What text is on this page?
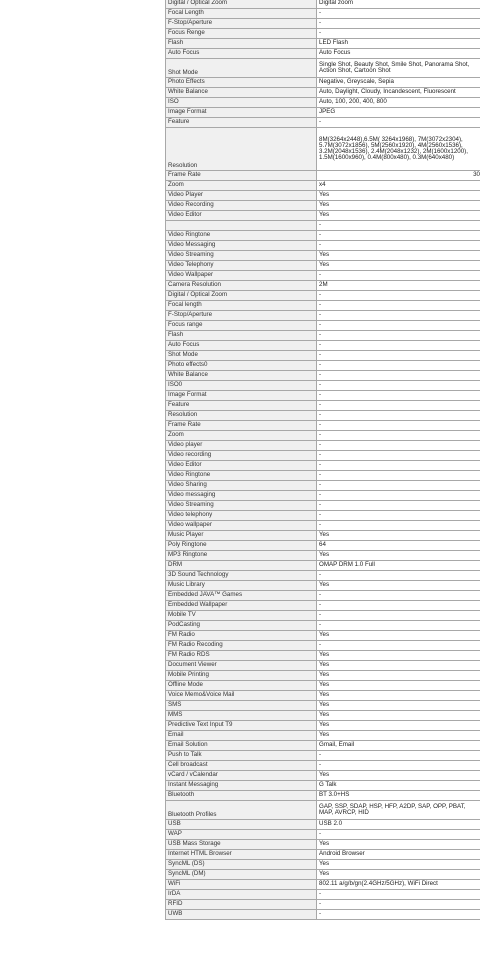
Digital / Optical Zoom	Digital zoom
Focal Length	-
F-Stop/Aperture	-
Focus Renge	-
Flash	LED Flash
Auto Focus	Auto Focus
Shot Mode	Single Shot, Beauty Shot, Smile Shot, Panorama Shot, Action Shot, Cartoon Shot
Photo Effects	Negative, Greyscale, Sepia
White Balance	Auto, Daylight, Cloudy, Incandescent, Fluorescent
ISO	Auto, 100, 200, 400, 800
Image Format	JPEG
Feature	-
Resolution	8M(3264x2448),6.5M( 3264x1968), 7M(3072x2304), 5.7M(3072x1856), 5M(2560x1920), 4M(2560x1536), 3.2M(2048x1536), 2.4M(2048x1232), 2M(1600x1200), 1.5M(1600x960), 0.4M(800x480), 0.3M(640x480)
Frame Rate	30
Zoom	x4
Video Player	Yes
Video Recording	Yes
Video Editor	Yes
	-
Video Ringtone	-
Video Messaging	-
Video Streaming	Yes
Video Telephony	Yes
Video Wallpaper	-
Camera Resolution	2M
Digital / Optical Zoom	-
Focal length	-
F-Stop/Aperture	-
Focus range	-
Flash	-
Auto Focus	-
Shot Mode	-
Photo effects0	-
White Balance	-
ISO0	-
Image Format	-
Feature	-
Resolution	-
Frame Rate	-
Zoom	-
Video player	-
Video recording	-
Video Editor	-
Video Ringtone	-
Video Sharing	-
Video messaging	-
Video Streaming	-
Video telephony	-
Video wallpaper	-
Music Player	Yes
Poly Ringtone	64
MP3 Ringtone	Yes
DRM	OMAP DRM 1.0 Full
3D Sound Technology	-
Music Library	Yes
Embedded JAVA™ Games	-
Embedded Wallpaper	-
Mobile TV	-
PodCasting	-
FM Radio	Yes
FM Radio Recoding	-
FM Radio RDS	Yes
Document Viewer	Yes
Mobile Printing	Yes
Offline Mode	Yes
Voice Memo&Voice Mail	Yes
SMS	Yes
MMS	Yes
Predictive Text Input T9	Yes
Email	Yes
Email Solution	Gmail, Email
Push to Talk	-
Cell broadcast	-
vCard / vCalendar	Yes
Instant Messaging	G Talk
Bluetooth	BT 3.0+HS
Bluetooth Profiles	GAP, SSP, SDAP, HSP, HFP, A2DP, SAP, OPP, PBAT, MAP, AVRCP, HID
USB	USB 2.0
WAP	-
USB Mass Storage	Yes
Internet HTML Browser	Android Browser
SyncML (DS)	Yes
SyncML (DM)	Yes
WiFi	802.11 a/g/b/gn(2.4GHz/5GHz), WiFi Direct
IrDA	-
RFID	-
UWB	-
